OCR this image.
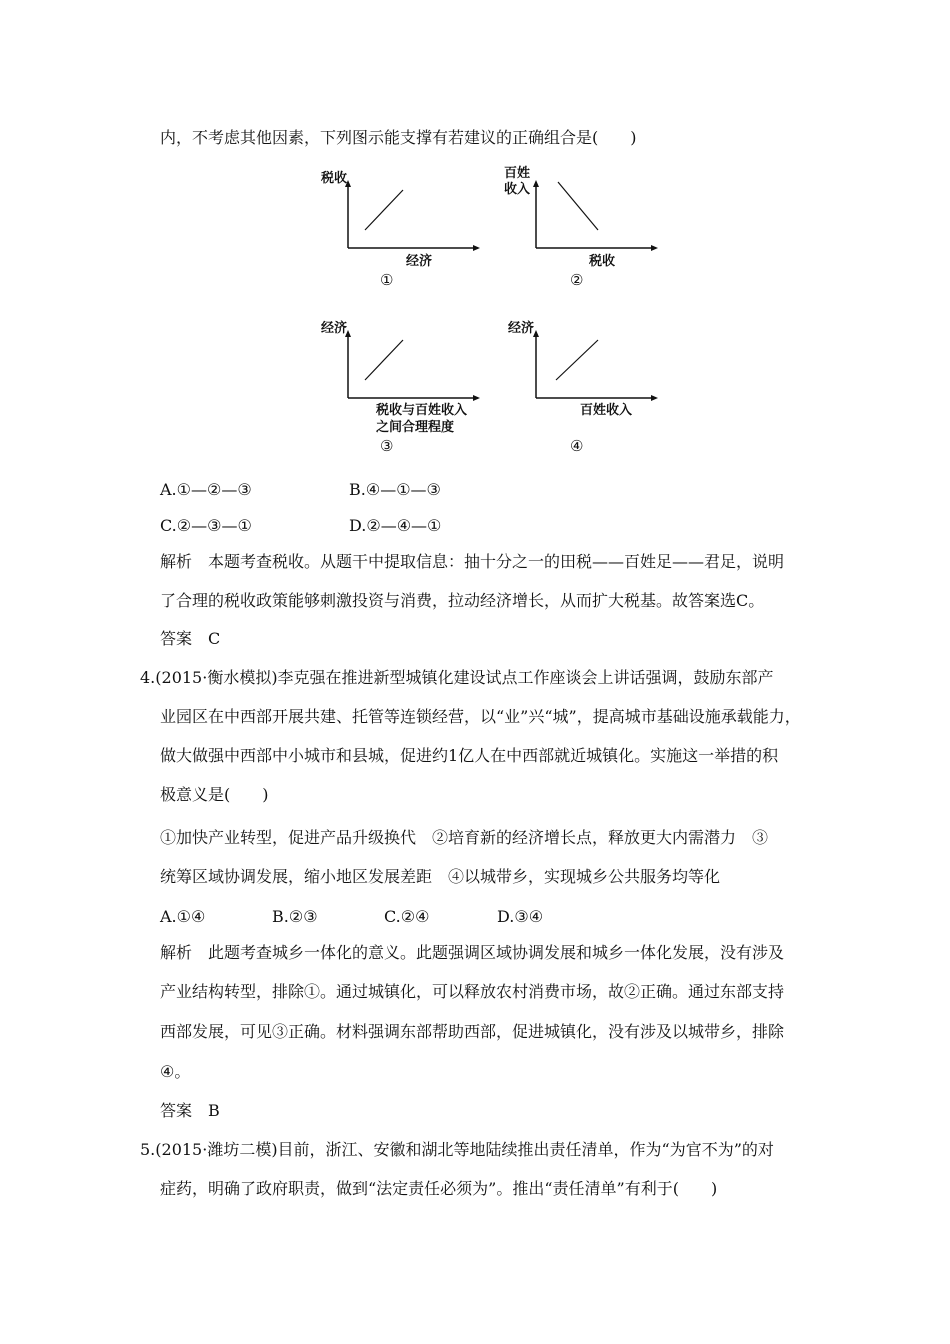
内，不考虑其他因素，下列图示能支撑有若建议的正确组合是(　　)
税收
经济
①
百姓
收入
税收
②
经济
税收与百姓收入
之间合理程度
③
经济
百姓收入
④
A.①—②—③	B.④—①—③
C.②—③—①	D.②—④—①
解析　本题考查税收。从题干中提取信息：抽十分之一的田税——百姓足——君足，说明
了合理的税收政策能够刺激投资与消费，拉动经济增长，从而扩大税基。故答案选C。
答案　C
4.(2015·衡水模拟)李克强在推进新型城镇化建设试点工作座谈会上讲话强调，鼓励东部产
业园区在中西部开展共建、托管等连锁经营，以“业”兴“城”，提高城市基础设施承载能力，
做大做强中西部中小城市和县城，促进约1亿人在中西部就近城镇化。实施这一举措的积
极意义是(　　)
①加快产业转型，促进产品升级换代　②培育新的经济增长点，释放更大内需潜力　③
统筹区域协调发展，缩小地区发展差距　④以城带乡，实现城乡公共服务均等化
A.①④	B.②③	C.②④	D.③④
解析　此题考查城乡一体化的意义。此题强调区域协调发展和城乡一体化发展，没有涉及
产业结构转型，排除①。通过城镇化，可以释放农村消费市场，故②正确。通过东部支持
西部发展，可见③正确。材料强调东部帮助西部，促进城镇化，没有涉及以城带乡，排除
④。
答案　B
5.(2015·潍坊二模)目前，浙江、安徽和湖北等地陆续推出责任清单，作为“为官不为”的对
症药，明确了政府职责，做到“法定责任必须为”。推出“责任清单”有利于(　　)
